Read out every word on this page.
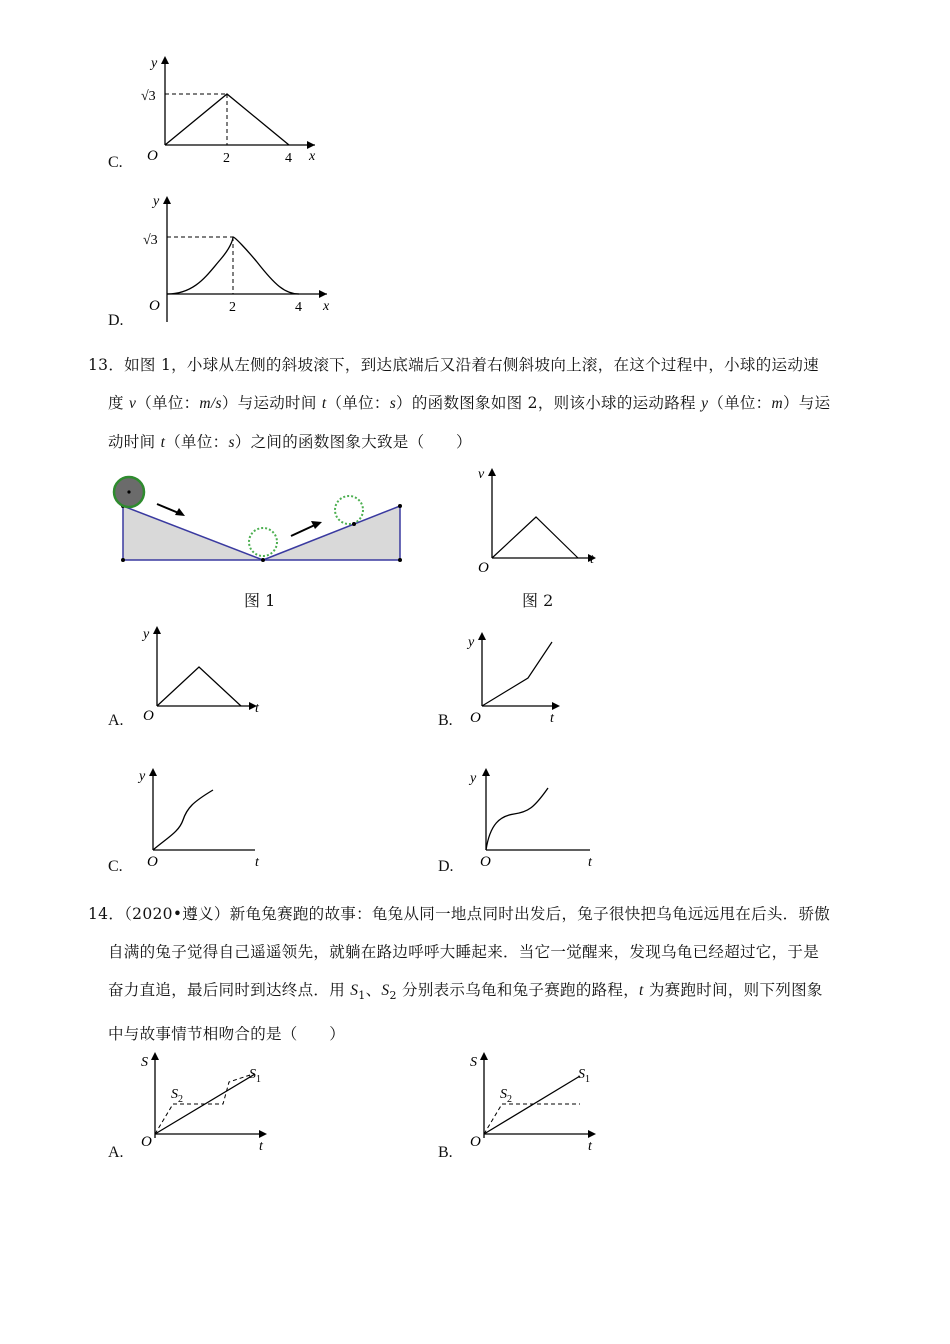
y
x
O
√3
2	4
C.
y
x
O
√3
2	4
D.
13．如图 1，小球从左侧的斜坡滚下，到达底端后又沿着右侧斜坡向上滚，在这个过程中，小球的运动速
度 v（单位：m/s）与运动时间 t（单位：s）的函数图象如图 2，则该小球的运动路程 y（单位：m）与运
动时间 t（单位：s）之间的函数图象大致是（　　）
图 1
v
t
O
图 2
y
t
O
A.
y
t
O
B.
y
t
O
C.
y
t
O
D.
14．（2020•遵义）新龟兔赛跑的故事：龟兔从同一地点同时出发后，兔子很快把乌龟远远甩在后头．骄傲
自满的兔子觉得自己遥遥领先，就躺在路边呼呼大睡起来．当它一觉醒来，发现乌龟已经超过它，于是
奋力直追，最后同时到达终点．用 $S_1$、$S_2$ 分别表示乌龟和兔子赛跑的路程，t 为赛跑时间，则下列图象
中与故事情节相吻合的是（　　）
S
t
O
$S_1$
$S_2$
A.
S
t
O
$S_1$
$S_2$
B.
